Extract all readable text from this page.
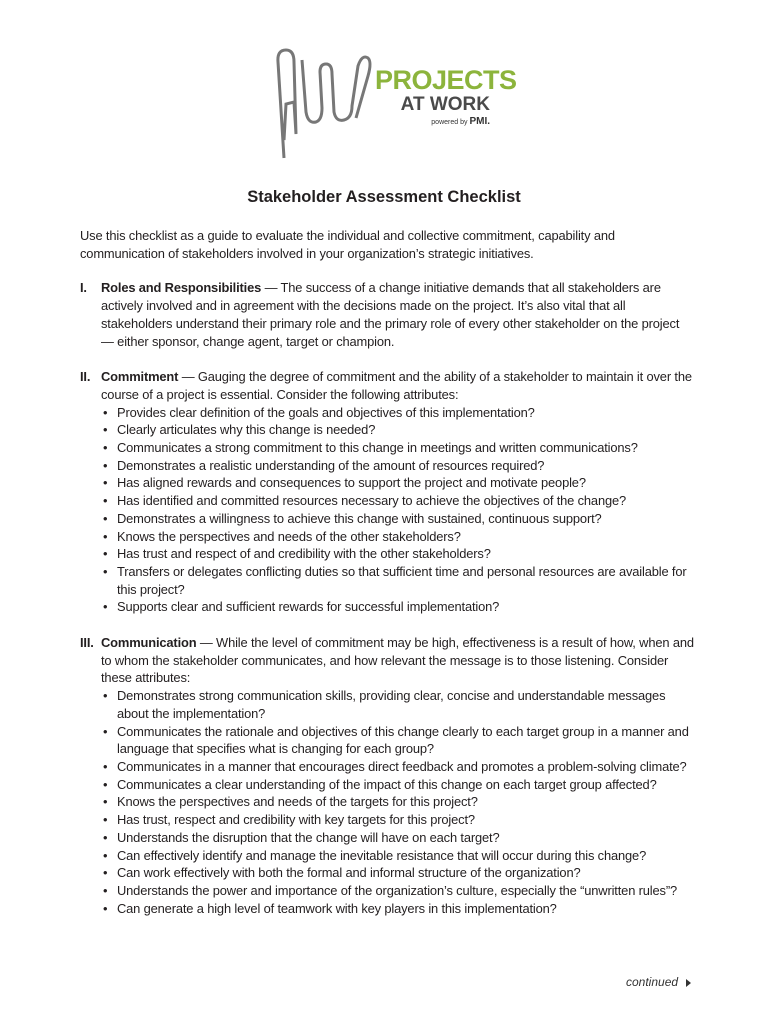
PROJECTS
AT WORK
powered by PMI.
Stakeholder Assessment Checklist

Use this checklist as a guide to evaluate the individual and collective commitment, capability and communication of stakeholders involved in your organization’s strategic initiatives.

I. Roles and Responsibilities — The success of a change initiative demands that all stakeholders are actively involved and in agreement with the decisions made on the project. It’s also vital that all stakeholders understand their primary role and the primary role of every other stakeholder on the project — either sponsor, change agent, target or champion.
II. Commitment — Gauging the degree of commitment and the ability of a stakeholder to maintain it over the course of a project is essential. Consider the following attributes:
• Provides clear definition of the goals and objectives of this implementation?
• Clearly articulates why this change is needed?
• Communicates a strong commitment to this change in meetings and written communications?
• Demonstrates a realistic understanding of the amount of resources required?
• Has aligned rewards and consequences to support the project and motivate people?
• Has identified and committed resources necessary to achieve the objectives of the change?
• Demonstrates a willingness to achieve this change with sustained, continuous support?
• Knows the perspectives and needs of the other stakeholders?
• Has trust and respect of and credibility with the other stakeholders?
• Transfers or delegates conflicting duties so that sufficient time and personal resources are available for this project?
• Supports clear and sufficient rewards for successful implementation?
III. Communication — While the level of commitment may be high, effectiveness is a result of how, when and to whom the stakeholder communicates, and how relevant the message is to those listening. Consider these attributes:
• Demonstrates strong communication skills, providing clear, concise and understandable messages about the implementation?
• Communicates the rationale and objectives of this change clearly to each target group in a manner and language that specifies what is changing for each group?
• Communicates in a manner that encourages direct feedback and promotes a problem-solving climate?
• Communicates a clear understanding of the impact of this change on each target group affected?
• Knows the perspectives and needs of the targets for this project?
• Has trust, respect and credibility with key targets for this project?
• Understands the disruption that the change will have on each target?
• Can effectively identify and manage the inevitable resistance that will occur during this change?
• Can work effectively with both the formal and informal structure of the organization?
• Understands the power and importance of the organization’s culture, especially the “unwritten rules”?
• Can generate a high level of teamwork with key players in this implementation?
continued
